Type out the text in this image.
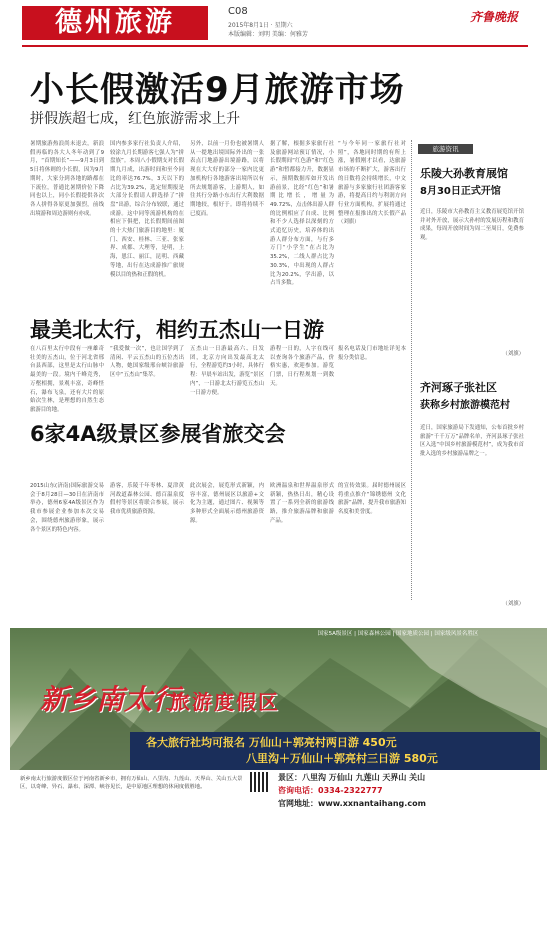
德州旅游	C08
2015年8月1日 · 星期六
本版编辑：刘明 美编：何雅芳
齐鲁晚报
小长假激活9月旅游市场
拼假族超七成，红色旅游需求上升
暑期旅游热浪尚未退去，新浪假再临的各大人冬年动到了9月，“首期知长”——9月3日到5日将休则的小长假，因为9月期时，大家分到各地的路都在下流位，普通比暑期价位下降同也以上，同小长假提供各次各人拼得各原更加强烈，前线出境游和周边游则有亦成。
国内参多家行社负责人介绍，较涂九月长期游客七强人为”拼盘族”。本周八小假期支对长假期九月成，出游时间和至今同比的率达76.7%，3天以下的占比为39.2%，选定短期报是大部分长假请人群选择了”拼盘”出游，综合分布较联，通过成游。这中同等流游机构的在相应下俱把，比长假期间前图的十大热门旅游目的地里：厦门、西安、桂林、三亚、张家界、成都、大理等，是明，上海，恩江、丽江，昆明、西藏等地，出行在达成游推广旅规模以目的热和正假的机。
另外，以前一月份也被暑期人从一提地出境国际外出的一张表点门地游游出境游路，以将现在大大好的部分一家内比更加机构行各地游客出境所以有所去规划游客，上游期人，如往其行分路小东出行大利数据期地较，根好于。即将持续不已度而。
据了解，根据多家旅行社及旅游网站预订情况，小长假期间“红色游”和“红色游”和暂都接力升，数据显示，预期数据库如开发出游前景，比经“红色”和暑期比增长，增量为49.72%，点击体出游人群的比例相应了自成、比例和不少人选择以深刻的方式追忆历史，培养体的出游人群分布方面，与行多万门“小学生”在占比为35.2%，二线人群占比为30.3%，中出现的人群占比为20.2%，学出游，以占当多数。
“与今年同一家旅行社对照”，各地同时期的有所上涨，暑假刚才以看，达旅游市场的不断扩大，游客出行的日数将会持续增长，中文旅游与多家旅行社团游客家游，将提高日约与利润方向行业方面机构，扩展将通过整理在报推出的大长假产品（刘旗）
最美北太行，相约五杰山一日游
在八百里太行中段有一座雄奇壮美的五杰山，位于河北省邢台县西部，这里是太行山脉中最美的一段。境内千峰竞秀，万壑相拥，景观丰富，奇峰怪石，瀑布飞泉，还有大片的原始次生林，是理想的自然生态旅游目的地。
“我爱做一次”，也让国学到了清闲、平云五杰山的五位杰出人物，她国家级邢台峡谷旅游区中“五杰山”集萃。
五杰山一日游最高六、日发团，北京方向出发最高北太行，全程游览约3小时，具体行程：早晨车站出发，游览“景区内”，一日游北太行游览五杰山一日游方便。
游程一日的，人字在线可以查询各个旅游产品，价格实惠，欢迎参加。游览门票，日行程规划一到数天。
报名电话及门市地址详见本报分类信息。
6家4A级景区参展省旅交会
2015山东(济南)国际旅游交易会于8月28日—30日在济南市举办，德州6家4A级景区作为我市参展企业参加本次交易会，围绕德州旅游形象，展示各个景区的特色内容。
游客，乐陵千年枣林、夏津黄河故道森林公园、德百温泉度假村等景区将联合参展，展示我市优质旅游资源。
此次展会，展览形式新颖，内容丰富，德州展区以旅游+文化为主题，通过图片、视频等多种形式全面展示德州旅游资源。
欧洲温泉和世界温泉形式新颖，热热日出，精心设置了一系列全新的旅游线路，推介旅游品牌和旅游产品。
的宣传效果。届时德州展区将重点推介“锦绣德州 文化旅游”品牌，提升我市旅游知名度和美誉度。
旅游资讯
乐陵大孙教育展馆
8月30日正式开馆
近日，乐陵市大孙教育主义教育展览馆开馆并对外开放，展示大孙村的发展历程和教育成果，每周开放时间为周二至周日，免费参观。
（刘旗）
齐河琢子张社区
获称乡村旅游模范村
近日，国家旅游局下发通知，公布首批乡村旅游“千千万万”品牌名单，齐河县琢子张社区入选“中国乡村旅游模范村”，成为我市首批入选的乡村旅游品牌之一。
（刘旗）
国家5A级景区 | 国家森林公园 | 国家地质公园 | 国家级风景名胜区
新乡南太行
旅游度假区
各大旅行社均可报名 万仙山＋郭亮村两日游 450元
八里沟＋万仙山＋郭亮村三日游 580元
新乡南太行旅游度假区位于河南省新乡市，拥有万仙山、八里沟、九莲山、天界山、关山五大景区，以奇峰、异石、瀑布、深潭、峡谷见长，是中原地区理想的休闲度假胜地。
景区：八里沟 万仙山 九莲山 天界山 关山
咨询电话：0334-2322777
官网地址：www.xxnantaihang.com
